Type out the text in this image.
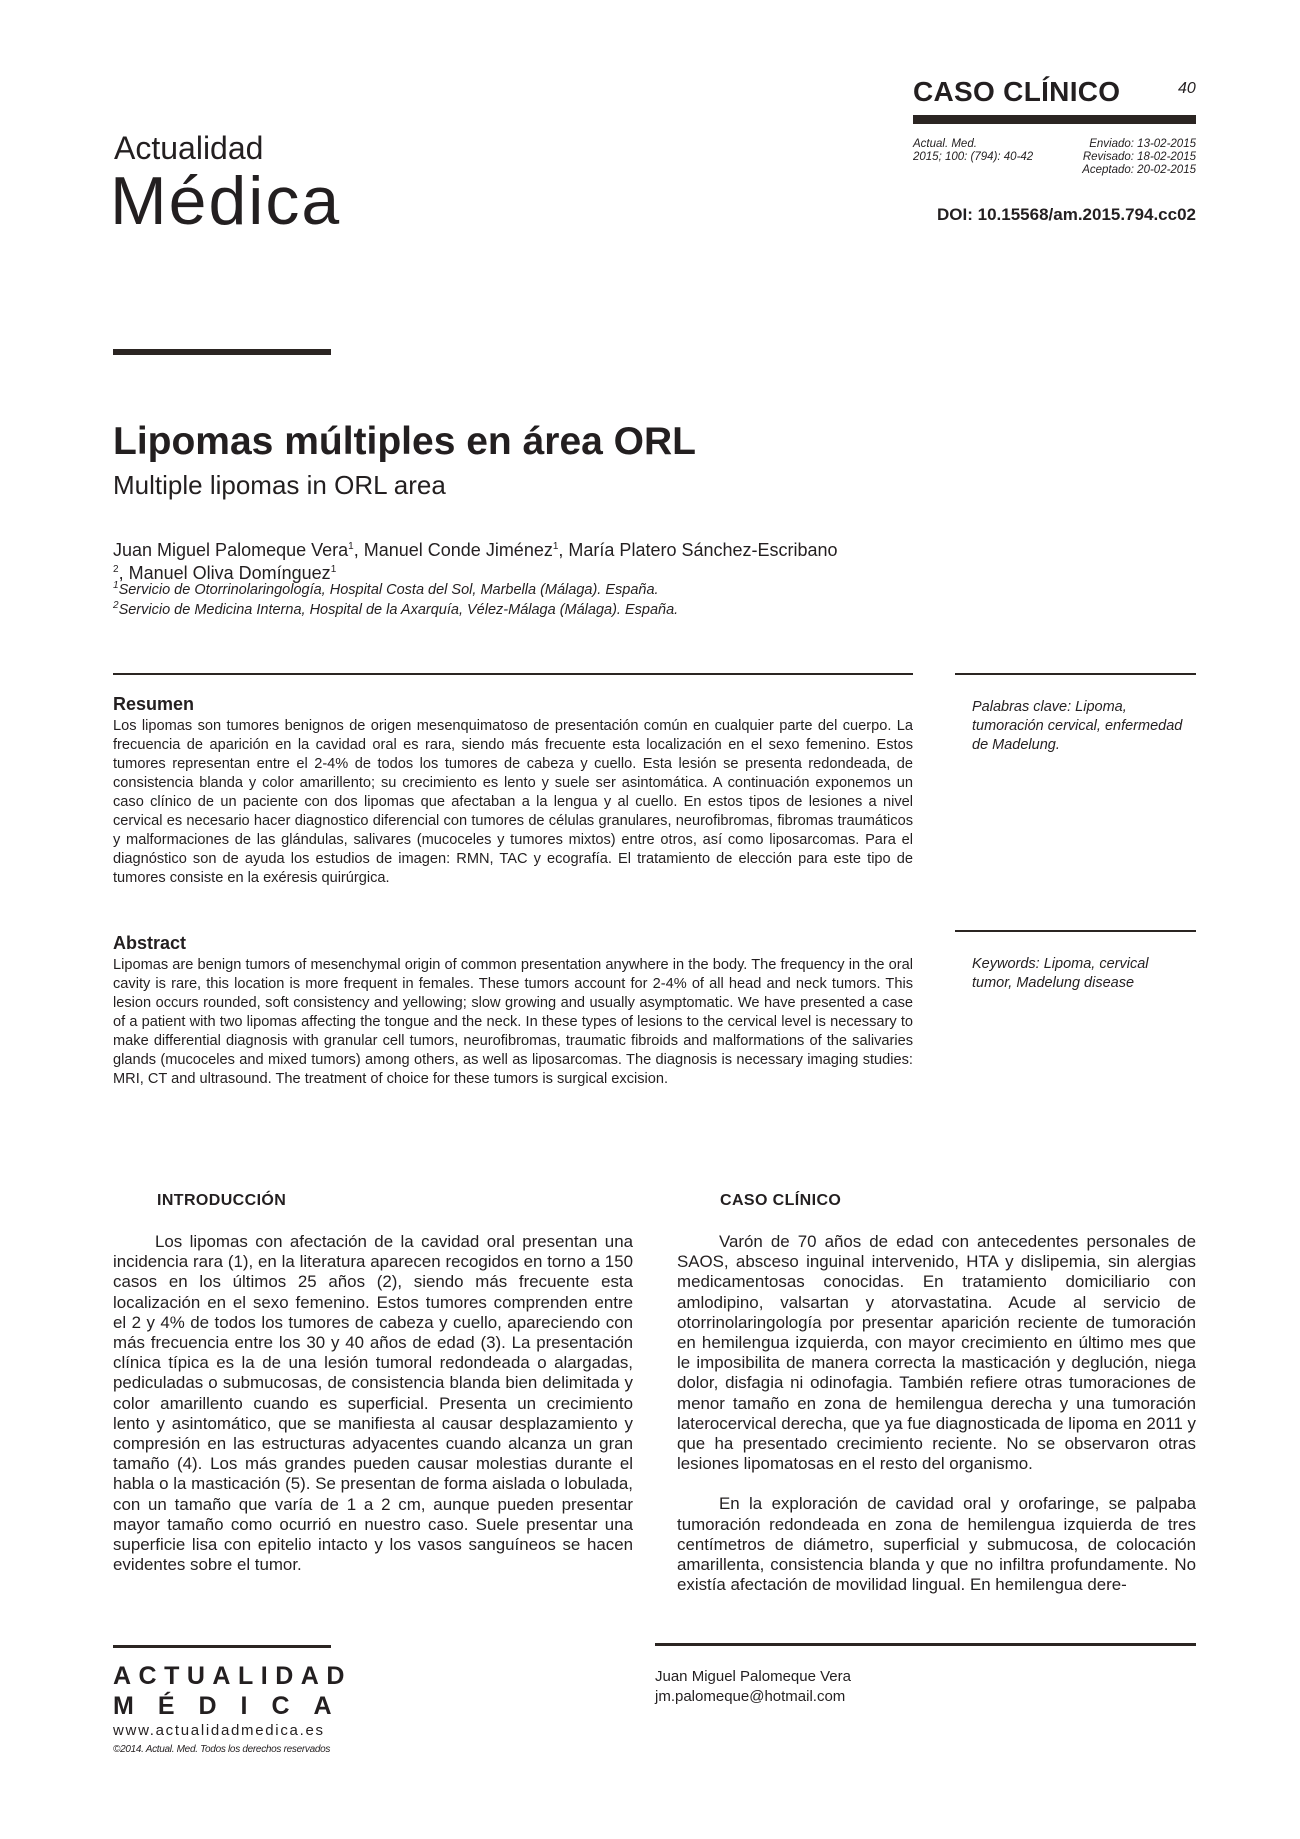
CASO CLÍNICO	40
Actual. Med.
2015; 100: (794): 40-42
Enviado: 13-02-2015
Revisado: 18-02-2015
Aceptado: 20-02-2015
DOI: 10.15568/am.2015.794.cc02
Actualidad
Médica
Lipomas múltiples en área ORL
Multiple lipomas in ORL area
Juan Miguel Palomeque Vera$^1$, Manuel Conde Jiménez$^1$, María Platero Sánchez-Escribano
$^2$, Manuel Oliva Domínguez$^1$
$^1$Servicio de Otorrinolaringología, Hospital Costa del Sol, Marbella (Málaga). España.
$^2$Servicio de Medicina Interna, Hospital de la Axarquía, Vélez-Málaga (Málaga). España.
Resumen
Los lipomas son tumores benignos de origen mesenquimatoso de presentación común en cualquier parte del cuerpo. La frecuencia de aparición en la cavidad oral es rara, siendo más frecuente esta localización en el sexo femenino. Estos tumores representan entre el 2-4% de todos los tumores de cabeza y cuello. Esta lesión se presenta redondeada, de consistencia blanda y color amarillento; su crecimiento es lento y suele ser asintomática. A continuación exponemos un caso clínico de un paciente con dos lipomas que afectaban a la lengua y al cuello. En estos tipos de lesiones a nivel cervical es necesario hacer diagnostico diferencial con tumores de células granulares, neurofibromas, fibromas traumáticos y malformaciones de las glándulas, salivares (mucoceles y tumores mixtos) entre otros, así como liposarcomas. Para el diagnóstico son de ayuda los estudios de imagen: RMN, TAC y ecografía. El tratamiento de elección para este tipo de tumores consiste en la exéresis quirúrgica.
Palabras clave: Lipoma, tumoración cervical, enfermedad de Madelung.
Abstract
Lipomas are benign tumors of mesenchymal origin of common presentation anywhere in the body. The frequency in the oral cavity is rare, this location is more frequent in females. These tumors account for 2-4% of all head and neck tumors. This lesion occurs rounded, soft consistency and yellowing; slow growing and usually asymptomatic. We have presented a case of a patient with two lipomas affecting the tongue and the neck. In these types of lesions to the cervical level is necessary to make differential diagnosis with granular cell tumors, neurofibromas, traumatic fibroids and malformations of the salivaries glands (mucoceles and mixed tumors) among others, as well as liposarcomas. The diagnosis is necessary imaging studies: MRI, CT and ultrasound. The treatment of choice for these tumors is surgical excision.
Keywords: Lipoma, cervical tumor, Madelung disease
INTRODUCCIÓN	CASO CLÍNICO

Los lipomas con afectación de la cavidad oral presentan una incidencia rara (1), en la literatura aparecen recogidos en torno a 150 casos en los últimos 25 años (2), siendo más frecuente esta localización en el sexo femenino. Estos tumores comprenden entre el 2 y 4% de todos los tumores de cabeza y cuello, apareciendo con más frecuencia entre los 30 y 40 años de edad (3). La presentación clínica típica es la de una lesión tumoral redondeada o alargadas, pediculadas o submucosas, de consistencia blanda bien delimitada y color amarillento cuando es superficial. Presenta un crecimiento lento y asintomático, que se manifiesta al causar desplazamiento y compresión en las estructuras adyacentes cuando alcanza un gran tamaño (4). Los más grandes pueden causar molestias durante el habla o la masticación (5). Se presentan de forma aislada o lobulada, con un tamaño que varía de 1 a 2 cm, aunque pueden presentar mayor tamaño como ocurrió en nuestro caso. Suele presentar una superficie lisa con epitelio intacto y los vasos sanguíneos se hacen evidentes sobre el tumor.

Varón de 70 años de edad con antecedentes personales de SAOS, absceso inguinal intervenido, HTA y dislipemia, sin alergias medicamentosas conocidas. En tratamiento domiciliario con amlodipino, valsartan y atorvastatina. Acude al servicio de otorrinolaringología por presentar aparición reciente de tumoración en hemilengua izquierda, con mayor crecimiento en último mes que le imposibilita de manera correcta la masticación y deglución, niega dolor, disfagia ni odinofagia. También refiere otras tumoraciones de menor tamaño en zona de hemilengua derecha y una tumoración laterocervical derecha, que ya fue diagnosticada de lipoma en 2011 y que ha presentado crecimiento reciente. No se observaron otras lesiones lipomatosas en el resto del organismo.

En la exploración de cavidad oral y orofaringe, se palpaba tumoración redondeada en zona de hemilengua izquierda de tres centímetros de diámetro, superficial y submucosa, de colocación amarillenta, consistencia blanda y que no infiltra profundamente. No existía afectación de movilidad lingual. En hemilengua dere-

ACTUALIDAD
MÉDICA
www.actualidadmedica.es
©2014. Actual. Med. Todos los derechos reservados
Juan Miguel Palomeque Vera
jm.palomeque@hotmail.com
